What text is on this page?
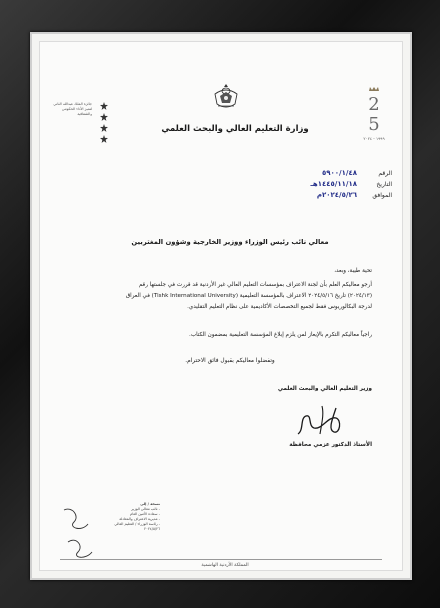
وزارة التعليم العالي والبحث العلمي
2
5
١٩٩٩ - ٢٠٢٤
جائزة الملك عبدالله الثاني
لتميز الأداء الحكومي
والشفافية
الرقم
٥٩٠٠/١/٤٨
التاريخ
١٤٤٥/١١/١٨هـ
الموافق
٢٠٢٤/٥/٢٦م
معالي نائب رئيس الوزراء ووزير الخارجية وشؤون المغتربين
تحية طيبة، وبعد،
أرجو معاليكم العلم بأن لجنة الاعتراف بمؤسسات التعليم العالي غير الأردنية قد قررت في جلستها رقم
(٢٠٢٤/١٣) تاريخ ٢٠٢٤/٥/١٦ الاعتراف بالمؤسسة التعليمية (Tishk International University) في العراق
لدرجة البكالوريوس فقط لجميع التخصصات الأكاديمية على نظام التعليم التقليدي.
راجياً معاليكم التكرم بالإيعاز لمن يلزم إبلاغ المؤسسة التعليمية بمضمون الكتاب.
وتفضلوا معاليكم بقبول فائق الاحترام.
وزير التعليم العالي والبحث العلمي
الأستاذ الدكتور عزمي محافظة
نسخة / إلى
- نائب معالي الوزير
- سعادة الأمين العام
- مديرية الاعتراف والمعادلة
- رئاسة الوزراء / التعليم العالي
٢٠٢٤/٥/٢٦
المملكة الأردنية الهاشمية
